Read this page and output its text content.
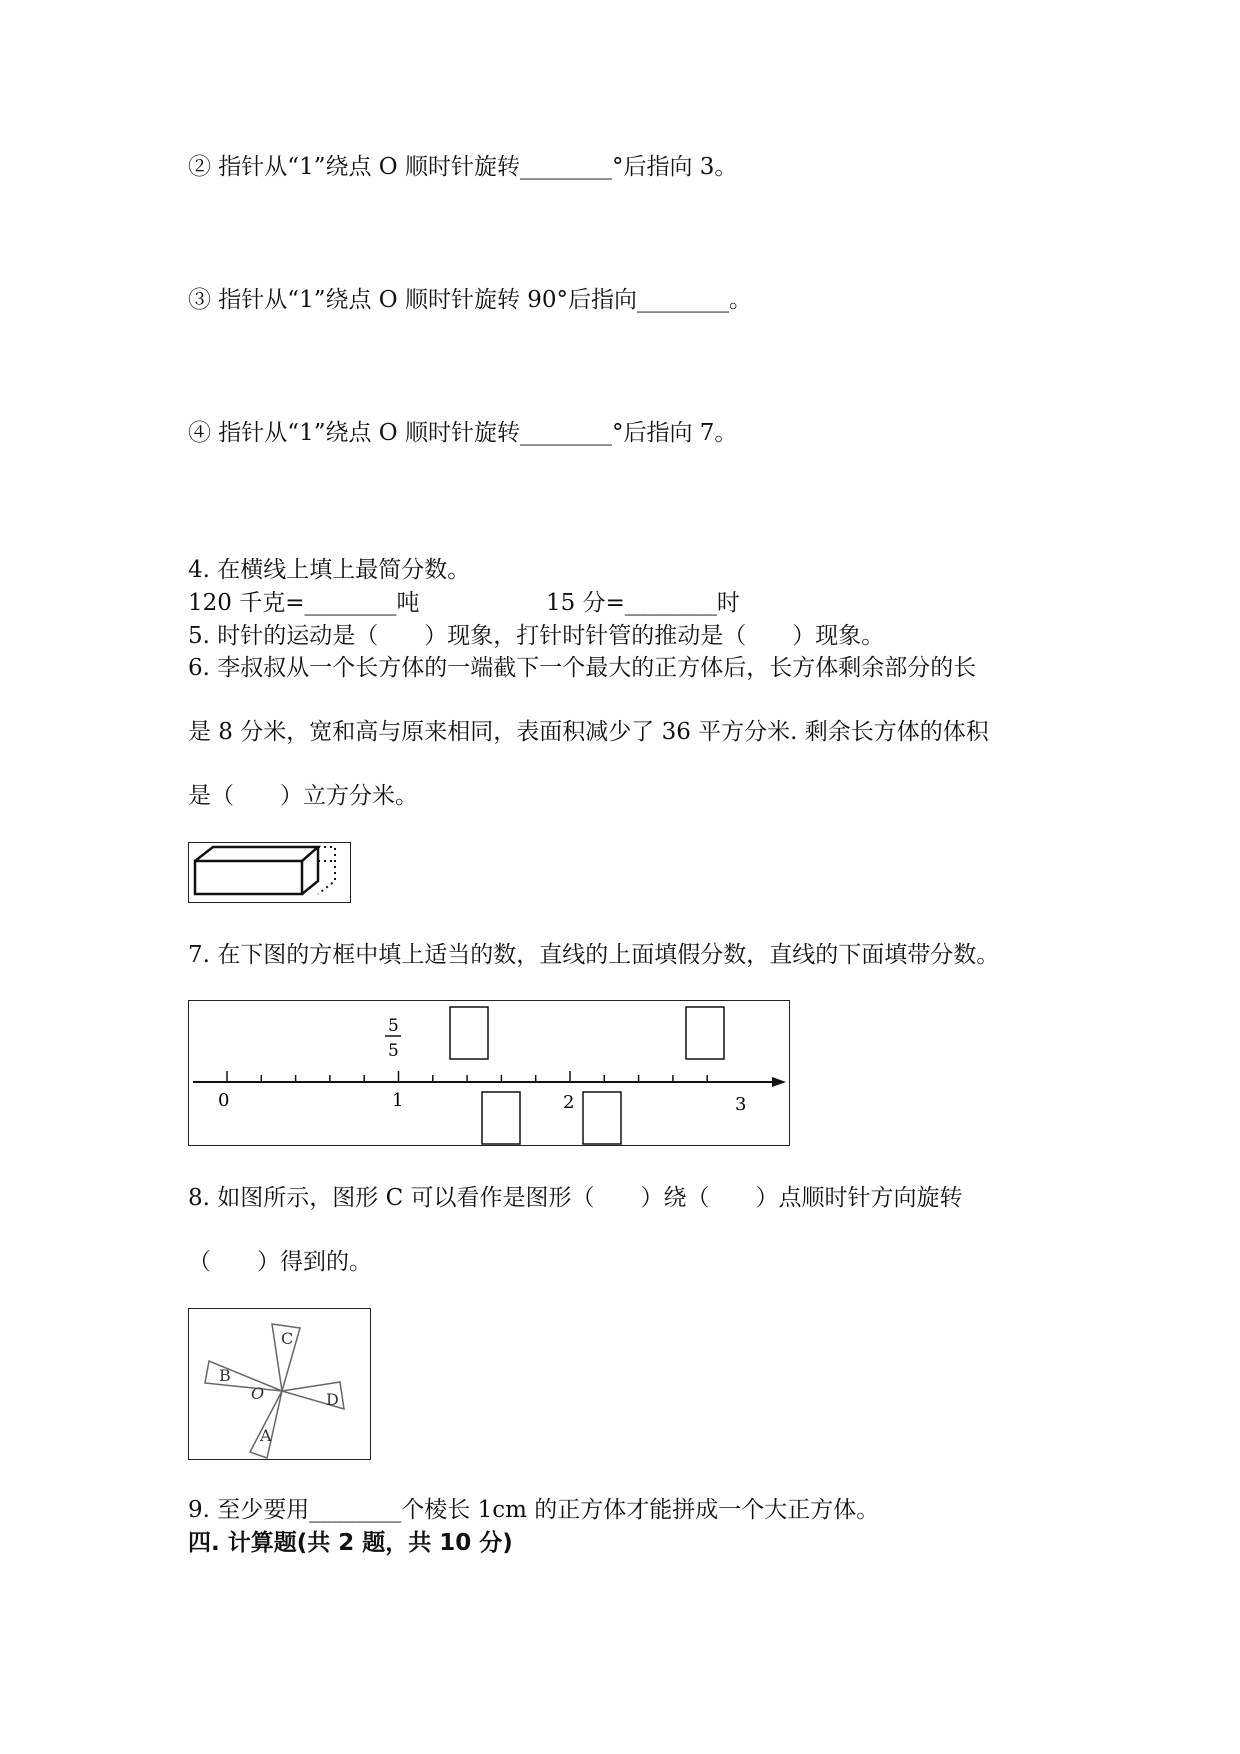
② 指针从“1”绕点 O 顺时针旋转________°后指向 3。
③ 指针从“1”绕点 O 顺时针旋转 90°后指向________。
④ 指针从“1”绕点 O 顺时针旋转________°后指向 7。
4. 在横线上填上最简分数。
120 千克=________吨	15 分=________时
5. 时针的运动是（　　）现象，打针时针管的推动是（　　）现象。
6. 李叔叔从一个长方体的一端截下一个最大的正方体后，长方体剩余部分的长
是 8 分米，宽和高与原来相同，表面积减少了 36 平方分米. 剩余长方体的体积
是（　　）立方分米。
7. 在下图的方框中填上适当的数，直线的上面填假分数，直线的下面填带分数。
0	1	2	3
5
5
8. 如图所示，图形 C 可以看作是图形（　　）绕（　　）点顺时针方向旋转
（　　）得到的。
C
B
D
A
O
9. 至少要用________个棱长 1cm 的正方体才能拼成一个大正方体。
四. 计算题(共 2 题，共 10 分)
